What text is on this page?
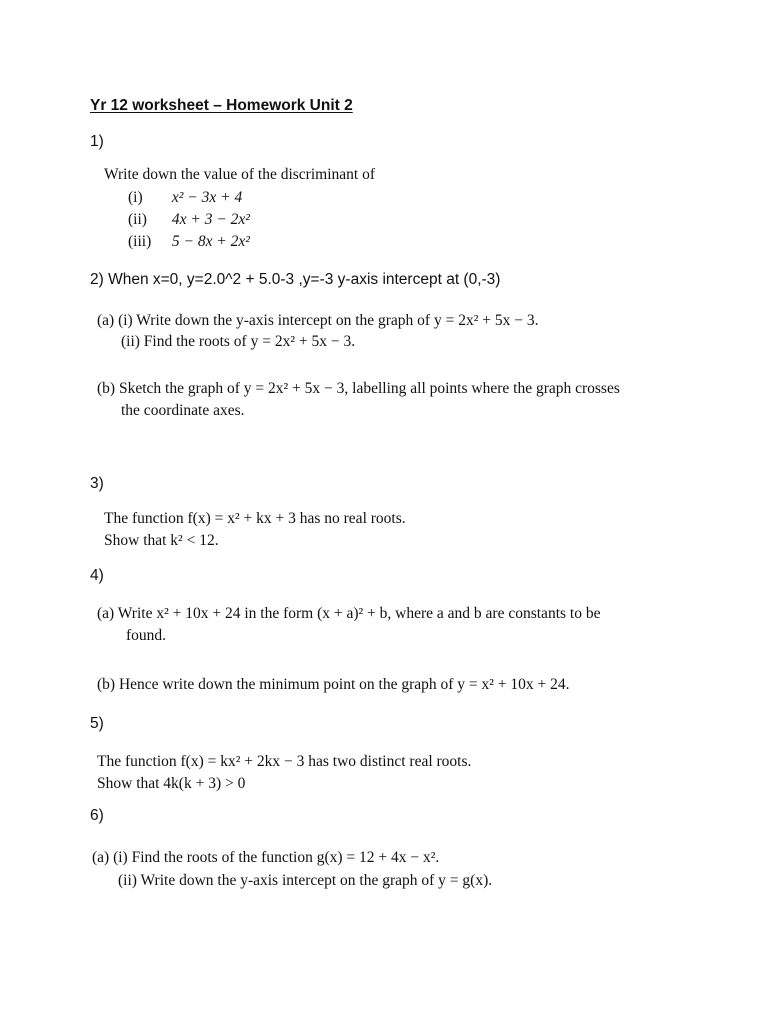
Yr 12 worksheet – Homework Unit 2
1)
Write down the value of the discriminant of
(i) x² − 3x + 4
(ii) 4x + 3 − 2x²
(iii) 5 − 8x + 2x²
2) When x=0, y=2.0^2 + 5.0-3 ,y=-3 y-axis intercept at (0,-3)
(a) (i) Write down the y-axis intercept on the graph of y = 2x² + 5x − 3.
(ii) Find the roots of y = 2x² + 5x − 3.
(b) Sketch the graph of y = 2x² + 5x − 3, labelling all points where the graph crosses
the coordinate axes.
3)
The function f(x) = x² + kx + 3 has no real roots.
Show that k² < 12.
4)
(a) Write x² + 10x + 24 in the form (x + a)² + b, where a and b are constants to be
found.
(b) Hence write down the minimum point on the graph of y = x² + 10x + 24.
5)
The function f(x) = kx² + 2kx − 3 has two distinct real roots.
Show that 4k(k + 3) > 0
6)
(a) (i) Find the roots of the function g(x) = 12 + 4x − x².
(ii) Write down the y-axis intercept on the graph of y = g(x).
